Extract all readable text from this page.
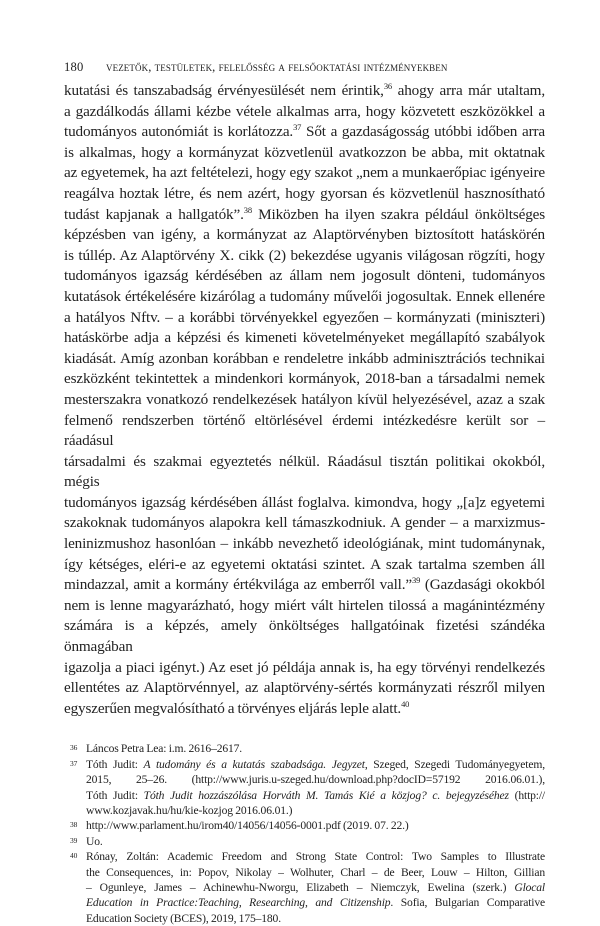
180 vezetők, testületek, felelősség a felsőoktatási intézményekben
kutatási és tanszabadság érvényesülését nem érintik,$^{36}$ ahogy arra már utaltam,
a gazdálkodás állami kézbe vétele alkalmas arra, hogy közvetett eszközökkel a
tudományos autonómiát is korlátozza.$^{37}$ Sőt a gazdaságosság utóbbi időben arra
is alkalmas, hogy a kormányzat közvetlenül avatkozzon be abba, mit oktatnak
az egyetemek, ha azt feltételezi, hogy egy szakot „nem a munkaerőpiac igényeire
reagálva hoztak létre, és nem azért, hogy gyorsan és közvetlenül hasznosítható
tudást kapjanak a hallgatók”.$^{38}$ Miközben ha ilyen szakra például önköltséges
képzésben van igény, a kormányzat az Alaptörvényben biztosított hatáskörén
is túllép. Az Alaptörvény X. cikk (2) bekezdése ugyanis világosan rögzíti, hogy
tudományos igazság kérdésében az állam nem jogosult dönteni, tudományos
kutatások értékelésére kizárólag a tudomány művelői jogosultak. Ennek ellenére
a hatályos Nftv. – a korábbi törvényekkel egyezően – kormányzati (miniszteri)
hatáskörbe adja a képzési és kimeneti követelményeket megállapító szabályok
kiadását. Amíg azonban korábban e rendeletre inkább adminisztrációs technikai
eszközként tekintettek a mindenkori kormányok, 2018-ban a társadalmi nemek
mesterszakra vonatkozó rendelkezések hatályon kívül helyezésével, azaz a szak
felmenő rendszerben történő eltörlésével érdemi intézkedésre került sor – ráadásul
társadalmi és szakmai egyeztetés nélkül. Ráadásul tisztán politikai okokból, mégis
tudományos igazság kérdésében állást foglalva. kimondva, hogy „[a]z egyetemi
szakoknak tudományos alapokra kell támaszkodniuk. A gender – a marxizmus-
leninizmushoz hasonlóan – inkább nevezhető ideológiának, mint tudománynak,
így kétséges, eléri-e az egyetemi oktatási szintet. A szak tartalma szemben áll
mindazzal, amit a kormány értékvilága az emberről vall.”$^{39}$ (Gazdasági okokból
nem is lenne magyarázható, hogy miért vált hirtelen tilossá a magánintézmény
számára is a képzés, amely önköltséges hallgatóinak fizetési szándéka önmagában
igazolja a piaci igényt.) Az eset jó példája annak is, ha egy törvényi rendelkezés
ellentétes az Alaptörvénnyel, az alaptörvény-sértés kormányzati részről milyen
egyszerűen megvalósítható a törvényes eljárás leple alatt.$^{40}$
36 Láncos Petra Lea: i.m. 2616–2617.
37 Tóth Judit: A tudomány és a kutatás szabadsága. Jegyzet, Szeged, Szegedi Tudományegyetem,
2015, 25–26. (http://www.juris.u-szeged.hu/download.php?docID=57192 2016.06.01.),
Tóth Judit: Tóth Judit hozzászólása Horváth M. Tamás Kié a közjog? c. bejegyzéséhez (http://
www.kozjavak.hu/hu/kie-kozjog 2016.06.01.)
38 http://www.parlament.hu/irom40/14056/14056-0001.pdf (2019. 07. 22.)
39 Uo.
40 Rónay, Zoltán: Academic Freedom and Strong State Control: Two Samples to Illustrate
the Consequences, in: Popov, Nikolay – Wolhuter, Charl – de Beer, Louw – Hilton, Gillian
– Ogunleye, James – Achinewhu-Nworgu, Elizabeth – Niemczyk, Ewelina (szerk.) Glocal
Education in Practice:Teaching, Researching, and Citizenship. Sofia, Bulgarian Comparative
Education Society (BCES), 2019, 175–180.
